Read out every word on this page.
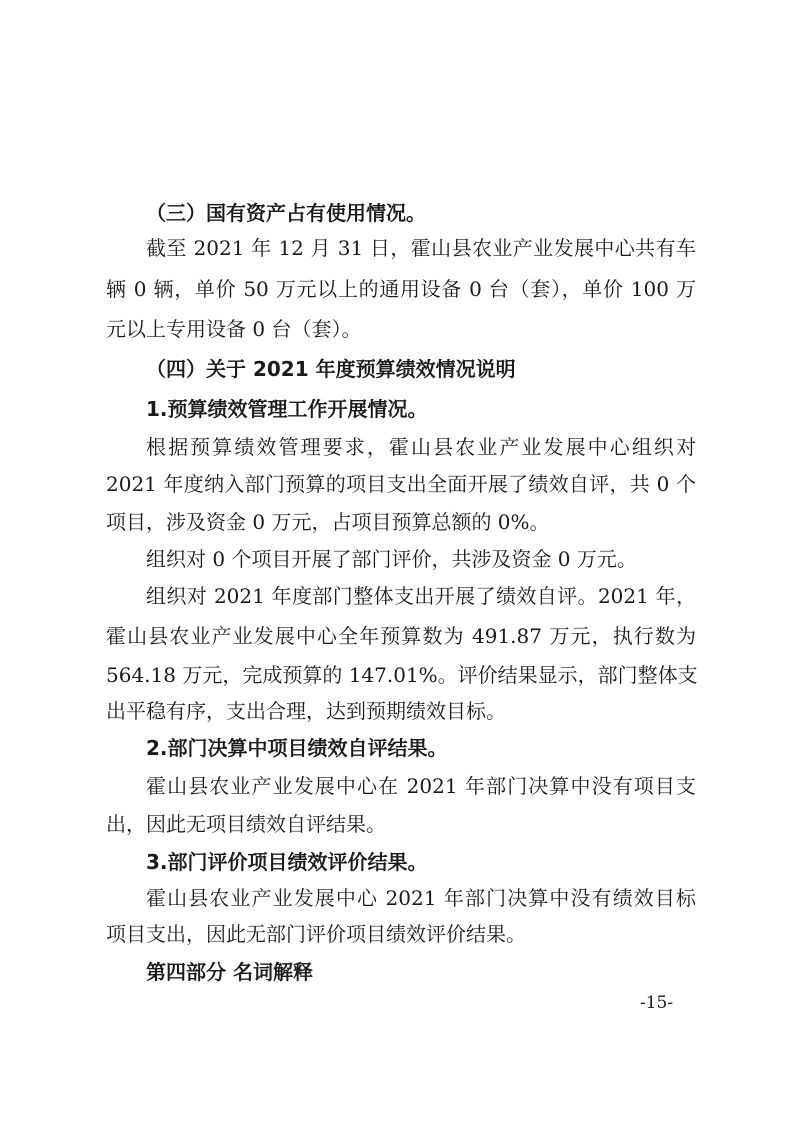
（三）国有资产占有使用情况。
截至 2021 年 12 月 31 日，霍山县农业产业发展中心共有车
辆 0 辆，单价 50 万元以上的通用设备 0 台（套），单价 100 万
元以上专用设备 0 台（套）。
（四）关于 2021 年度预算绩效情况说明
1.预算绩效管理工作开展情况。
根据预算绩效管理要求，霍山县农业产业发展中心组织对
2021 年度纳入部门预算的项目支出全面开展了绩效自评，共 0 个
项目，涉及资金 0 万元，占项目预算总额的 0%。
组织对 0 个项目开展了部门评价，共涉及资金 0 万元。
组织对 2021 年度部门整体支出开展了绩效自评。2021 年，
霍山县农业产业发展中心全年预算数为 491.87 万元，执行数为
564.18 万元，完成预算的 147.01%。评价结果显示，部门整体支
出平稳有序，支出合理，达到预期绩效目标。
2.部门决算中项目绩效自评结果。
霍山县农业产业发展中心在 2021 年部门决算中没有项目支
出，因此无项目绩效自评结果。
3.部门评价项目绩效评价结果。
霍山县农业产业发展中心 2021 年部门决算中没有绩效目标
项目支出，因此无部门评价项目绩效评价结果。
第四部分 名词解释
-15-
